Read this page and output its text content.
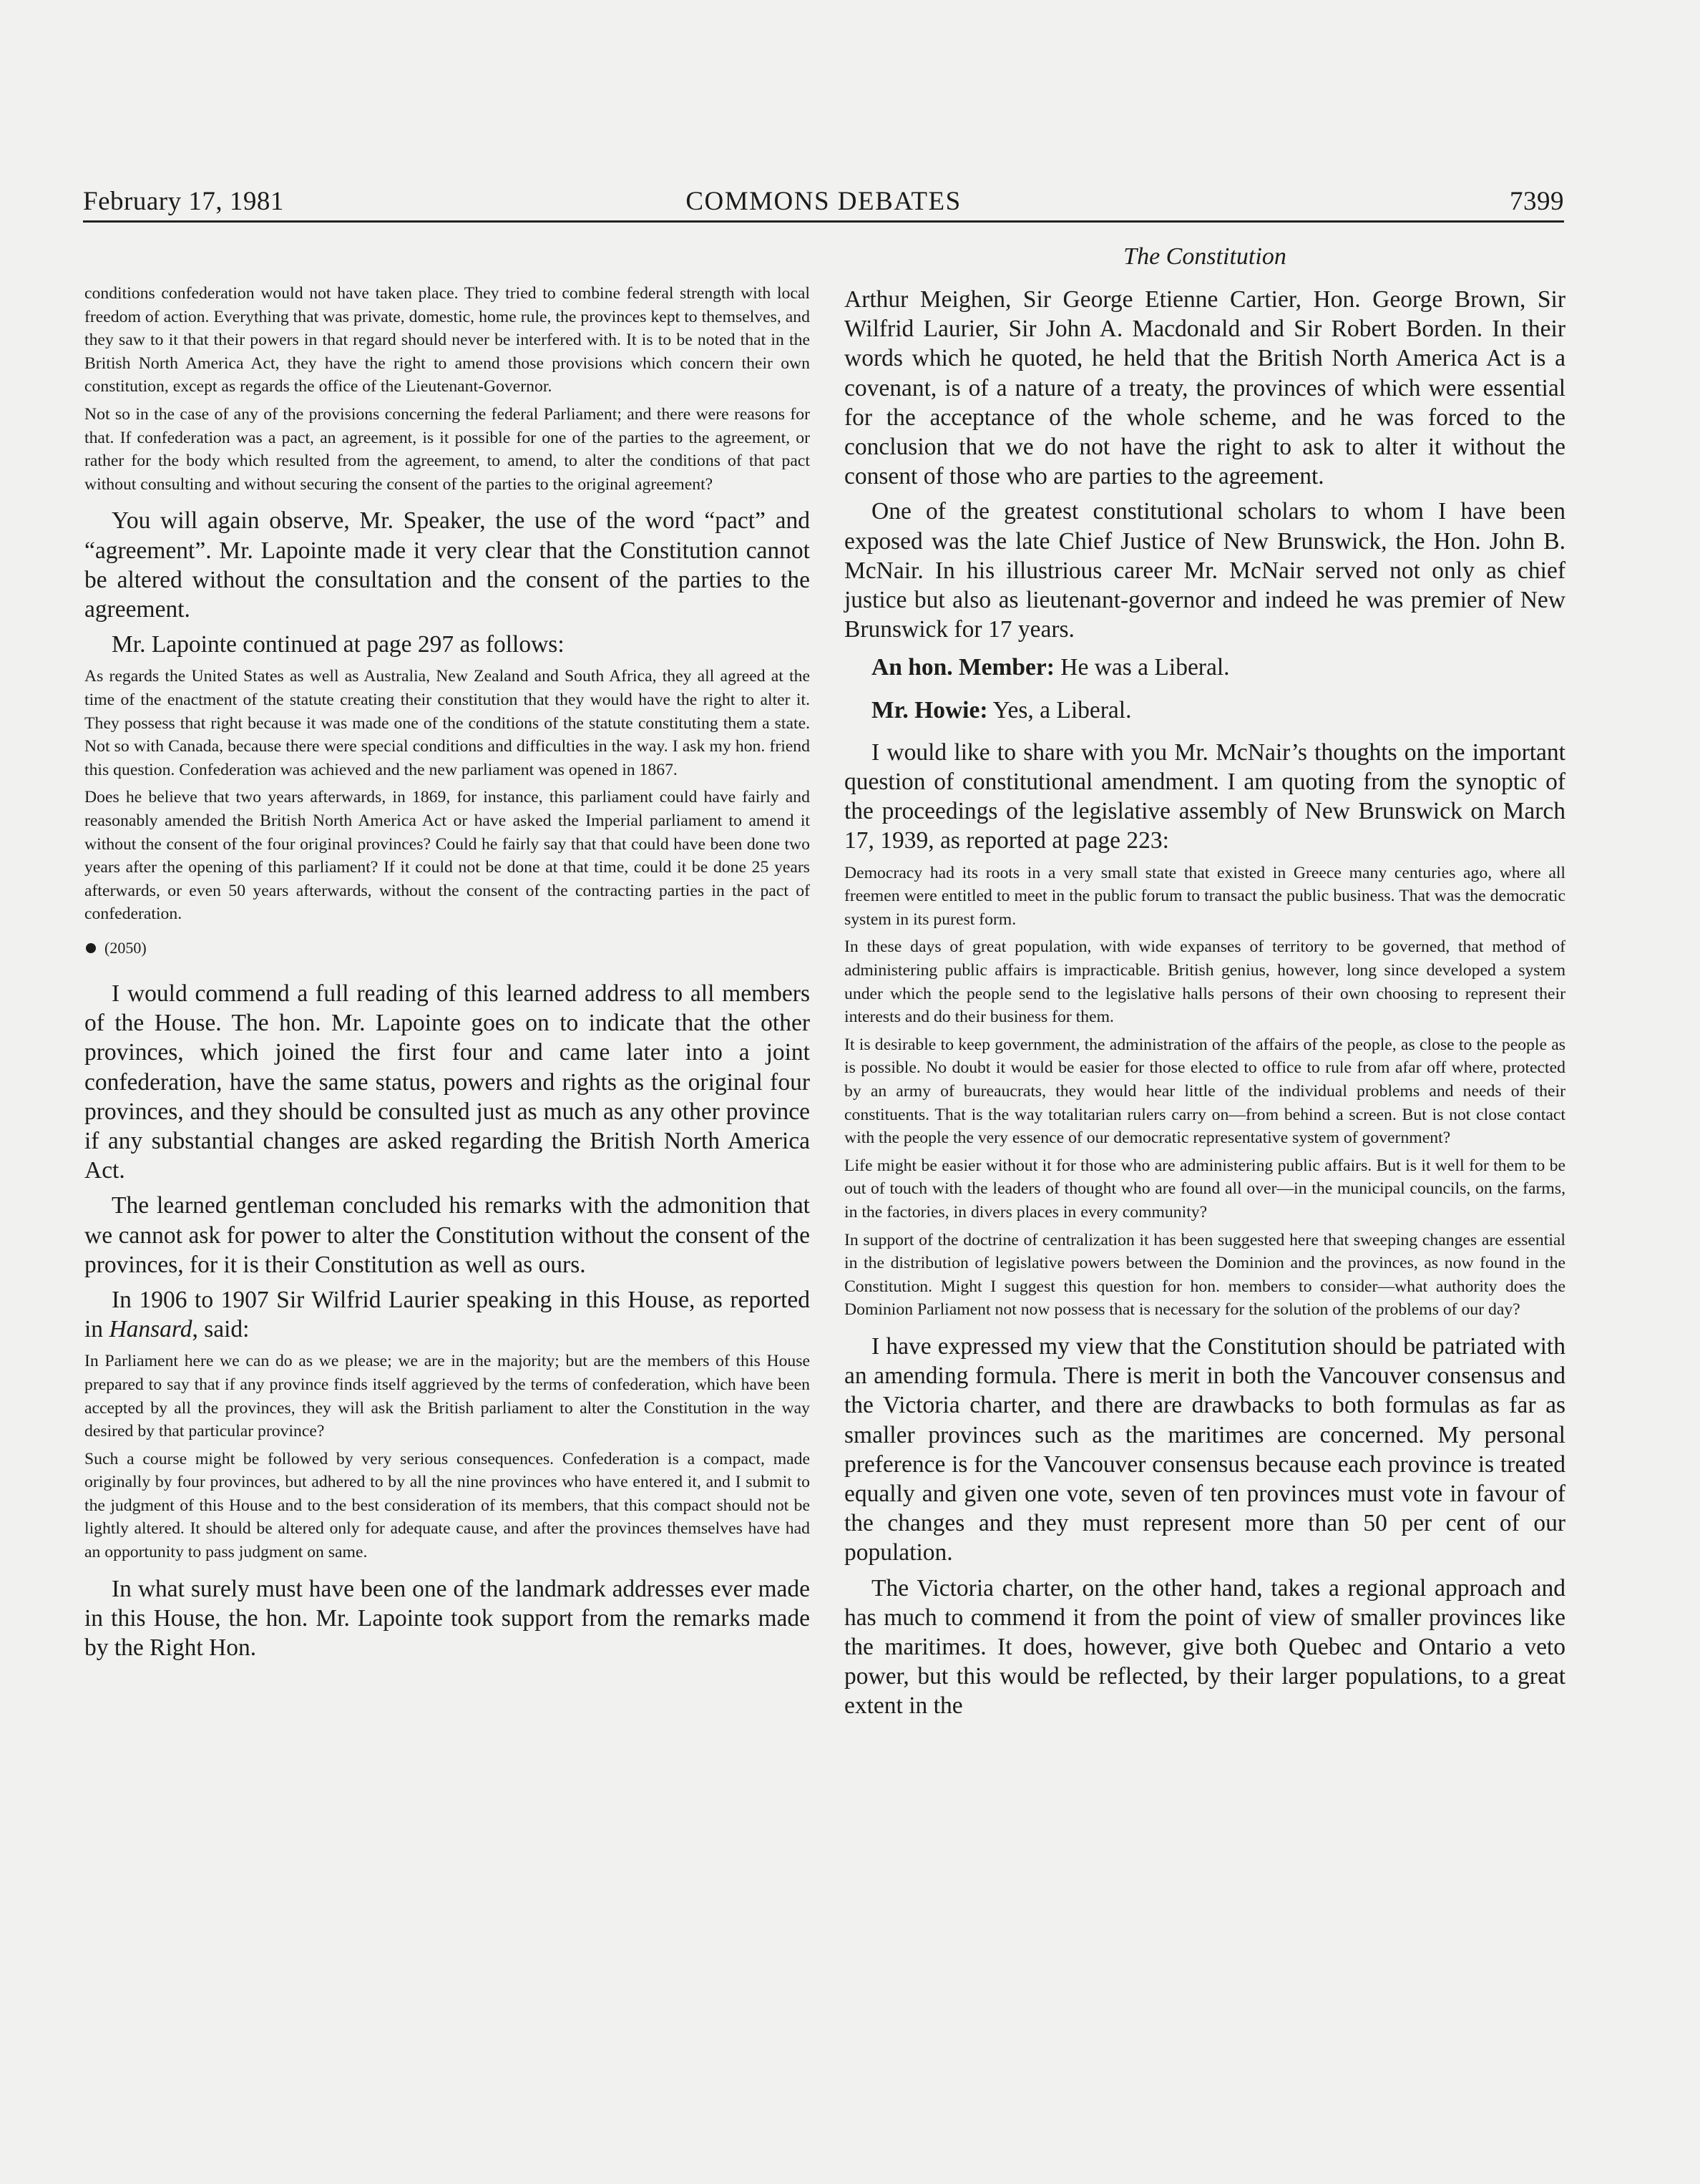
February 17, 1981	COMMONS DEBATES	7399
The Constitution

conditions confederation would not have taken place. They tried to combine federal strength with local freedom of action. Everything that was private, domestic, home rule, the provinces kept to themselves, and they saw to it that their powers in that regard should never be interfered with. It is to be noted that in the British North America Act, they have the right to amend those provisions which concern their own constitution, except as regards the office of the Lieutenant-Governor.

Not so in the case of any of the provisions concerning the federal Parliament; and there were reasons for that. If confederation was a pact, an agreement, is it possible for one of the parties to the agreement, or rather for the body which resulted from the agreement, to amend, to alter the conditions of that pact without consulting and without securing the consent of the parties to the original agreement?

You will again observe, Mr. Speaker, the use of the word “pact” and “agreement”. Mr. Lapointe made it very clear that the Constitution cannot be altered without the consultation and the consent of the parties to the agreement.

Mr. Lapointe continued at page 297 as follows:

As regards the United States as well as Australia, New Zealand and South Africa, they all agreed at the time of the enactment of the statute creating their constitution that they would have the right to alter it. They possess that right because it was made one of the conditions of the statute constituting them a state. Not so with Canada, because there were special conditions and difficulties in the way. I ask my hon. friend this question. Confederation was achieved and the new parliament was opened in 1867.

Does he believe that two years afterwards, in 1869, for instance, this parliament could have fairly and reasonably amended the British North America Act or have asked the Imperial parliament to amend it without the consent of the four original provinces? Could he fairly say that that could have been done two years after the opening of this parliament? If it could not be done at that time, could it be done 25 years afterwards, or even 50 years afterwards, without the consent of the contracting parties in the pact of confederation.

(2050)

I would commend a full reading of this learned address to all members of the House. The hon. Mr. Lapointe goes on to indicate that the other provinces, which joined the first four and came later into a joint confederation, have the same status, powers and rights as the original four provinces, and they should be consulted just as much as any other province if any substantial changes are asked regarding the British North America Act.

The learned gentleman concluded his remarks with the admonition that we cannot ask for power to alter the Constitution without the consent of the provinces, for it is their Constitution as well as ours.

In 1906 to 1907 Sir Wilfrid Laurier speaking in this House, as reported in Hansard, said:

In Parliament here we can do as we please; we are in the majority; but are the members of this House prepared to say that if any province finds itself aggrieved by the terms of confederation, which have been accepted by all the provinces, they will ask the British parliament to alter the Constitution in the way desired by that particular province?

Such a course might be followed by very serious consequences. Confederation is a compact, made originally by four provinces, but adhered to by all the nine provinces who have entered it, and I submit to the judgment of this House and to the best consideration of its members, that this compact should not be lightly altered. It should be altered only for adequate cause, and after the provinces themselves have had an opportunity to pass judgment on same.

In what surely must have been one of the landmark addresses ever made in this House, the hon. Mr. Lapointe took support from the remarks made by the Right Hon.

Arthur Meighen, Sir George Etienne Cartier, Hon. George Brown, Sir Wilfrid Laurier, Sir John A. Macdonald and Sir Robert Borden. In their words which he quoted, he held that the British North America Act is a covenant, is of a nature of a treaty, the provinces of which were essential for the acceptance of the whole scheme, and he was forced to the conclusion that we do not have the right to ask to alter it without the consent of those who are parties to the agreement.

One of the greatest constitutional scholars to whom I have been exposed was the late Chief Justice of New Brunswick, the Hon. John B. McNair. In his illustrious career Mr. McNair served not only as chief justice but also as lieutenant-governor and indeed he was premier of New Brunswick for 17 years.

An hon. Member: He was a Liberal.
Mr. Howie: Yes, a Liberal.

I would like to share with you Mr. McNair’s thoughts on the important question of constitutional amendment. I am quoting from the synoptic of the proceedings of the legislative assembly of New Brunswick on March 17, 1939, as reported at page 223:

Democracy had its roots in a very small state that existed in Greece many centuries ago, where all freemen were entitled to meet in the public forum to transact the public business. That was the democratic system in its purest form.

In these days of great population, with wide expanses of territory to be governed, that method of administering public affairs is impracticable. British genius, however, long since developed a system under which the people send to the legislative halls persons of their own choosing to represent their interests and do their business for them.

It is desirable to keep government, the administration of the affairs of the people, as close to the people as is possible. No doubt it would be easier for those elected to office to rule from afar off where, protected by an army of bureaucrats, they would hear little of the individual problems and needs of their constituents. That is the way totalitarian rulers carry on—from behind a screen. But is not close contact with the people the very essence of our democratic representative system of government?

Life might be easier without it for those who are administering public affairs. But is it well for them to be out of touch with the leaders of thought who are found all over—in the municipal councils, on the farms, in the factories, in divers places in every community?

In support of the doctrine of centralization it has been suggested here that sweeping changes are essential in the distribution of legislative powers between the Dominion and the provinces, as now found in the Constitution. Might I suggest this question for hon. members to consider—what authority does the Dominion Parliament not now possess that is necessary for the solution of the problems of our day?

I have expressed my view that the Constitution should be patriated with an amending formula. There is merit in both the Vancouver consensus and the Victoria charter, and there are drawbacks to both formulas as far as smaller provinces such as the maritimes are concerned. My personal preference is for the Vancouver consensus because each province is treated equally and given one vote, seven of ten provinces must vote in favour of the changes and they must represent more than 50 per cent of our population.

The Victoria charter, on the other hand, takes a regional approach and has much to commend it from the point of view of smaller provinces like the maritimes. It does, however, give both Quebec and Ontario a veto power, but this would be reflected, by their larger populations, to a great extent in the
